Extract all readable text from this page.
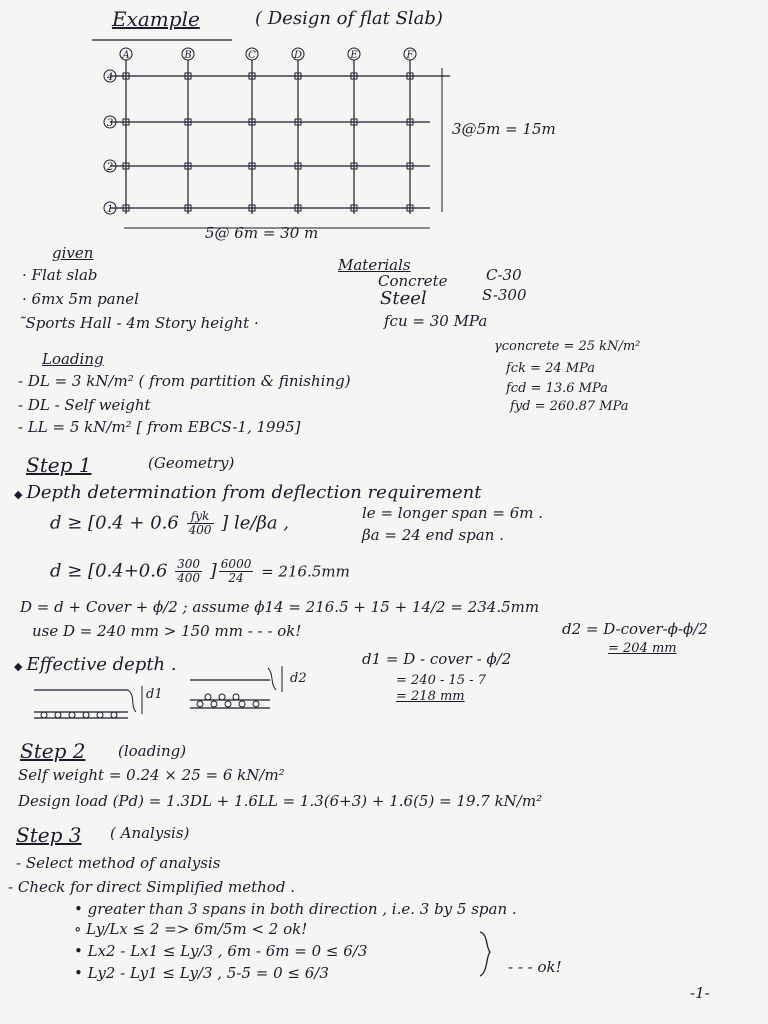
Example	( Design of flat Slab)
A	B	C	D	E	F
4
3
2
1
3@5m = 15m
5@ 6m = 30 m
given
· Flat slab
· 6mx 5m panel
˜Sports Hall - 4m Story height ·
Materials
Concrete	C-30
Steel	S-300
fcu = 30 MPa
γconcrete = 25 kN/m²
fck = 24 MPa
fcd = 13.6 MPa
fyd = 260.87 MPa
Loading
- DL = 3 kN/m² ( from partition & finishing)
- DL - Self weight
- LL = 5 kN/m² [ from EBCS-1, 1995]
Step 1	(Geometry)
◆ Depth determination from deflection requirement
$d \ge [0.4 + 0.6 \frac{\text{fyk}}{400}$ ] le/βa ,	le = longer span = 6m .
βa = 24 end span .
$d \ge [0.4+0.6 \frac{300}{400}$ ] $\frac{6000}{24} = 216.5mm$
D = d + Cover + ϕ/2 ; assume ϕ14 = 216.5 + 15 + 14/2 = 234.5mm
use D = 240 mm > 150 mm - - - ok!
◆ Effective depth .
d1
d2
d1 = D - cover - ϕ/2
= 240 - 15 - 7
= 218 mm
d2 = D-cover-ϕ-ϕ/2
= 204 mm
Step 2 (loading)
Self weight = 0.24 × 25 = 6 kN/m²
Design load (Pd) = 1.3DL + 1.6LL = 1.3(6+3) + 1.6(5) = 19.7 kN/m²
Step 3 ( Analysis)
- Select method of analysis
- Check for direct Simplified method .
• greater than 3 spans in both direction , i.e. 3 by 5 span .
∘ Ly/Lx ≤ 2 => 6m/5m < 2 ok!
• Lx2 - Lx1 ≤ Ly/3 , 6m - 6m = 0 ≤ 6/3
• Ly2 - Ly1 ≤ Ly/3 , 5-5 = 0 ≤ 6/3	- - - ok!
-1-
